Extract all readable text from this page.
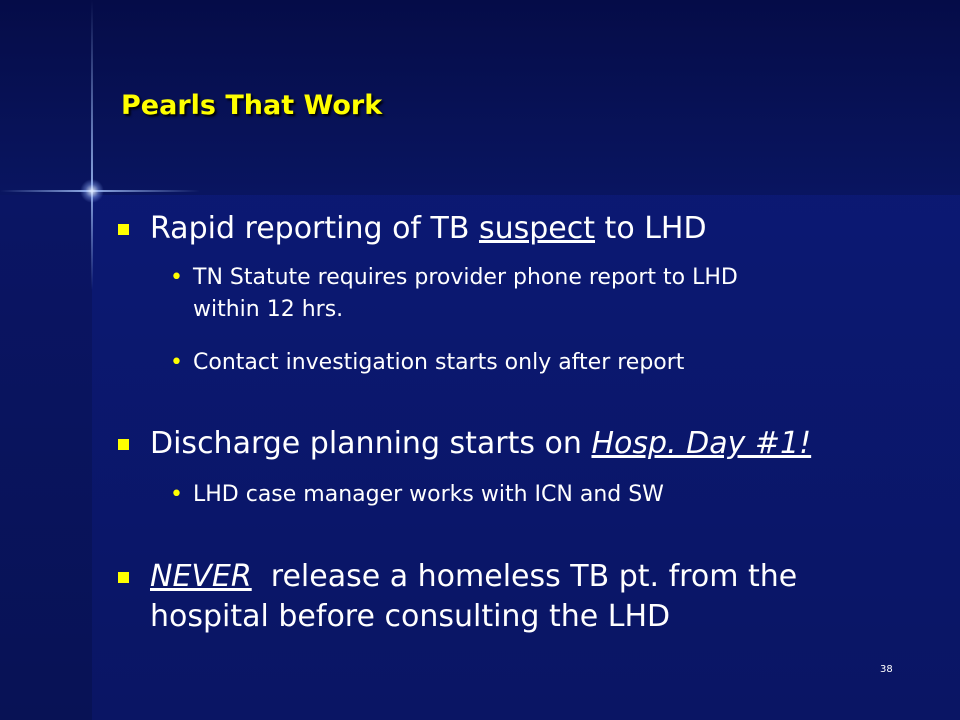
Pearls That Work
Rapid reporting of TB suspect to LHD
• TN Statute requires provider phone report to LHD
within 12 hrs.
• Contact investigation starts only after report
Discharge planning starts on Hosp. Day #1!
• LHD case manager works with ICN and SW
NEVER  release a homeless TB pt. from the
hospital before consulting the LHD
38
